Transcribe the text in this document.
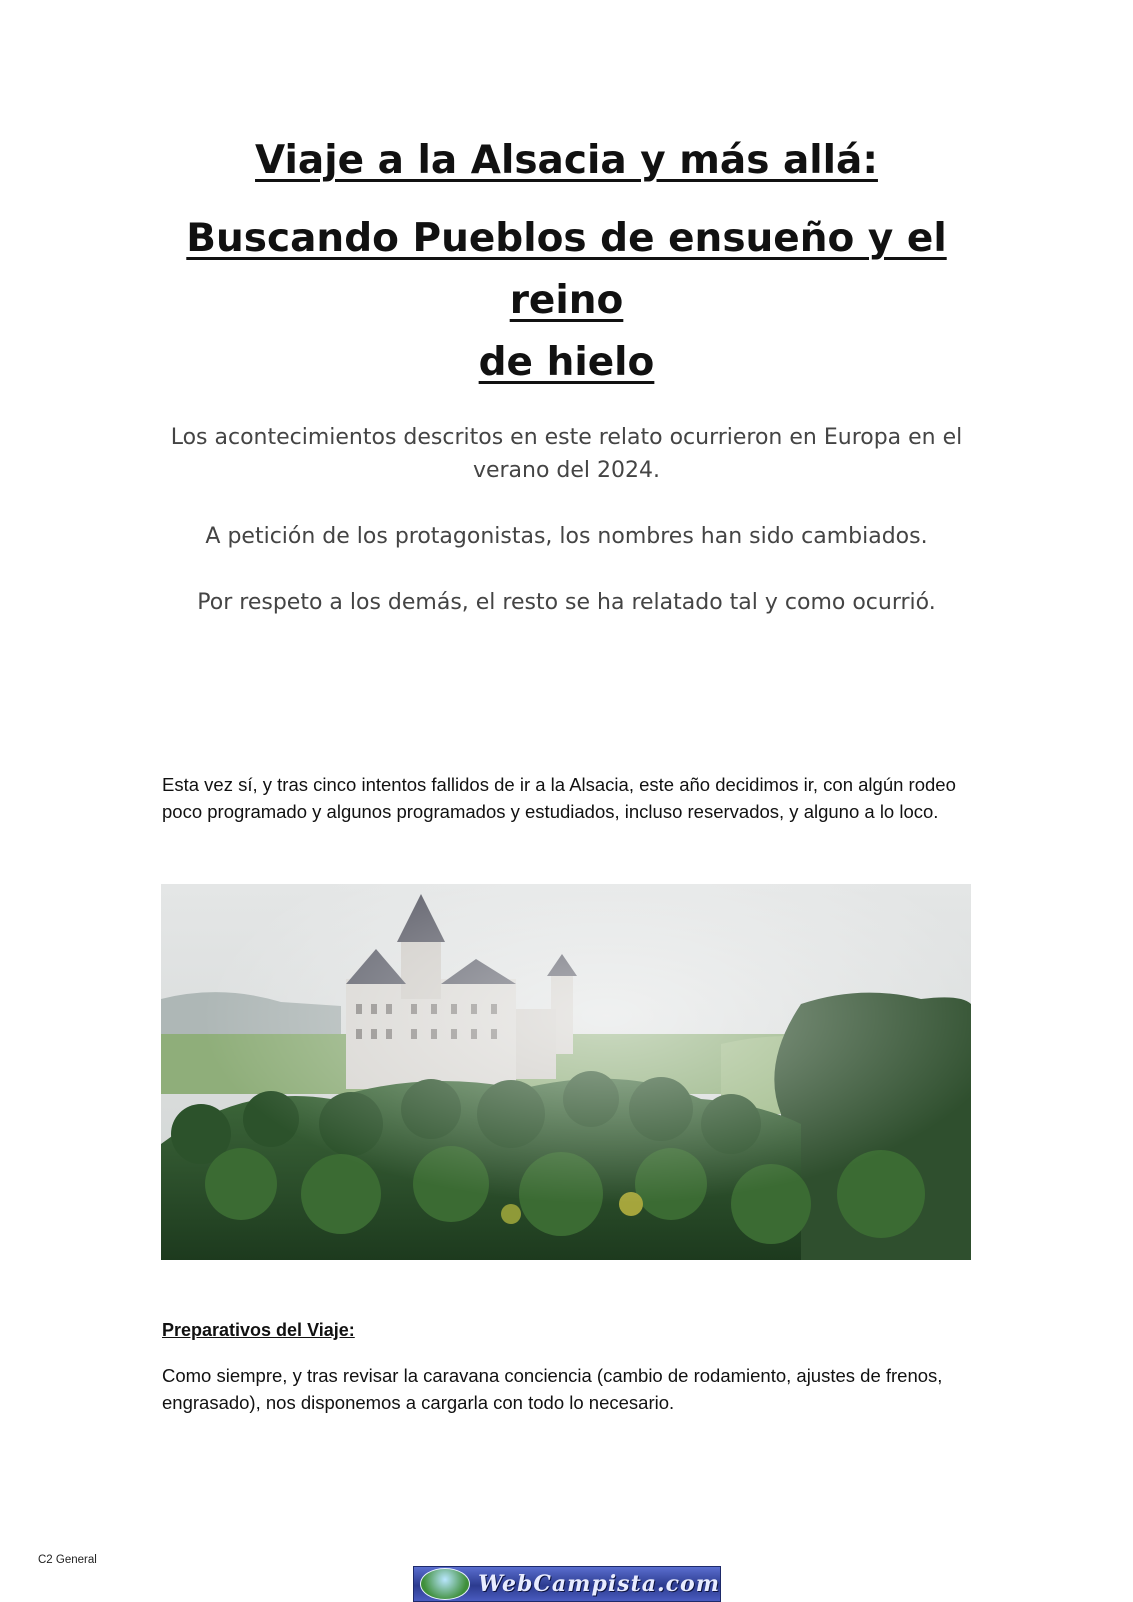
Viaje a la Alsacia y más allá:
Buscando Pueblos de ensueño y el reino
de hielo

Los acontecimientos descritos en este relato ocurrieron en Europa en el
verano del 2024.

A petición de los protagonistas, los nombres han sido cambiados.

Por respeto a los demás, el resto se ha relatado tal y como ocurrió.

Esta vez sí, y tras cinco intentos fallidos de ir a la Alsacia, este año decidimos ir, con algún rodeo
poco programado y algunos programados y estudiados, incluso reservados, y alguno a lo loco.

Preparativos del Viaje:

Como siempre, y tras revisar la caravana conciencia (cambio de rodamiento, ajustes de frenos,
engrasado), nos disponemos a cargarla con todo lo necesario.

C2 General
WebCampista.com
